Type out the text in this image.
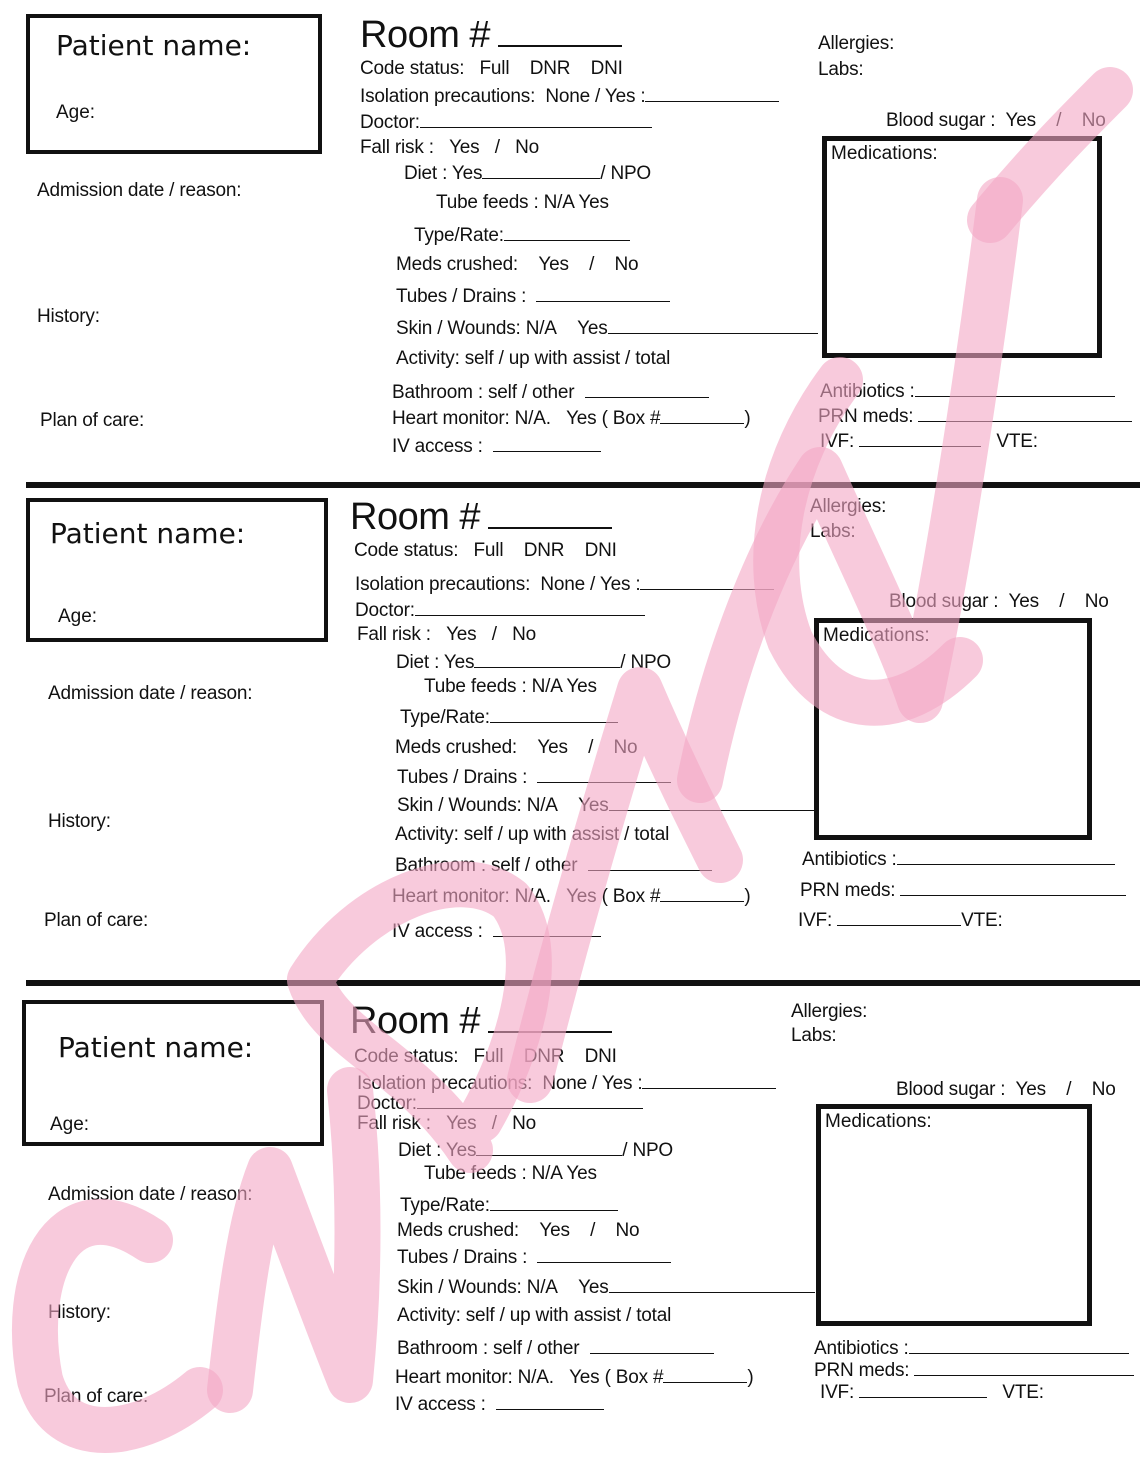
Patient name:
Age:
Admission date / reason:
History:
Plan of care:
Room #
Code status: Full DNR DNI
Isolation precautions: None / Yes :
Doctor:
Fall risk : Yes / No
Diet : Yes	/ NPO
Tube feeds : N/A Yes
Type/Rate:
Meds crushed: Yes / No
Tubes / Drains :
Skin / Wounds: N/A Yes
Activity: self / up with assist / total
Bathroom : self / other
Heart monitor: N/A. Yes ( Box #	)
IV access :
Allergies:
Labs:
Blood sugar : Yes / No
Medications:
Antibiotics :
PRN meds:
IVF:	VTE:
Patient name:
Age:
Admission date / reason:
History:
Plan of care:
Room #
Code status: Full DNR DNI
Isolation precautions: None / Yes :
Doctor:
Fall risk : Yes / No
Diet : Yes	/ NPO
Tube feeds : N/A Yes
Type/Rate:
Meds crushed: Yes / No
Tubes / Drains :
Skin / Wounds: N/A Yes
Activity: self / up with assist / total
Bathroom : self / other
Heart monitor: N/A. Yes ( Box #	)
IV access :
Allergies:
Labs:
Blood sugar : Yes / No
Medications:
Antibiotics :
PRN meds:
IVF:	VTE:
Patient name:
Age:
Admission date / reason:
History:
Plan of care:
Room #
Code status: Full DNR DNI
Isolation precautions: None / Yes :
Doctor:
Fall risk : Yes / No
Diet : Yes	/ NPO
Tube feeds : N/A Yes
Type/Rate:
Meds crushed: Yes / No
Tubes / Drains :
Skin / Wounds: N/A Yes
Activity: self / up with assist / total
Bathroom : self / other
Heart monitor: N/A. Yes ( Box #	)
IV access :
Allergies:
Labs:
Blood sugar : Yes / No
Medications:
Antibiotics :
PRN meds:
IVF:	VTE:
